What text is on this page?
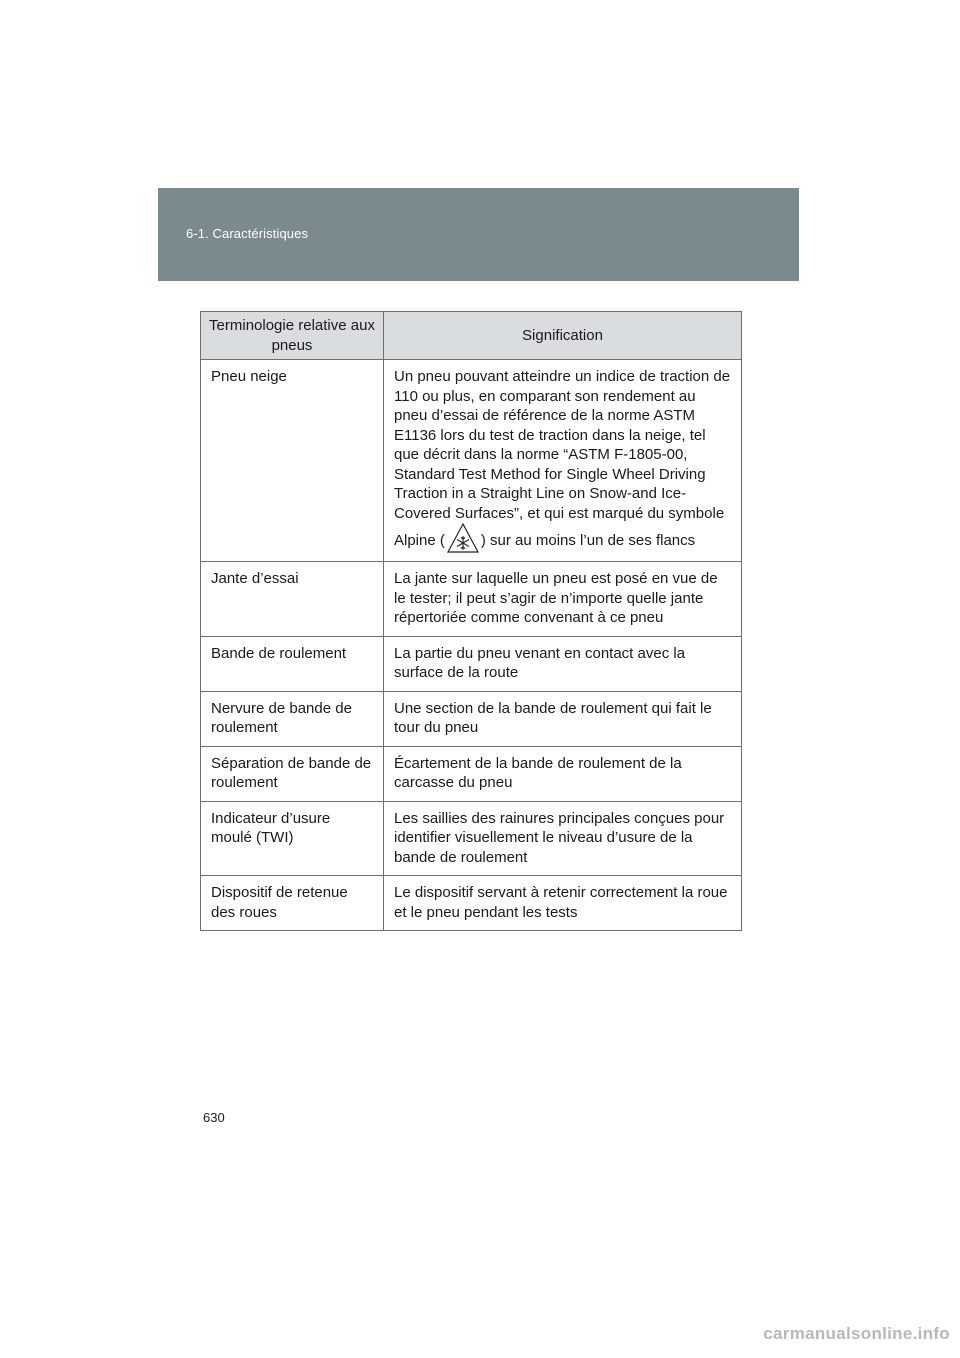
6-1. Caractéristiques
Terminologie relative aux pneus	Signification
Pneu neige	Un pneu pouvant atteindre un indice de traction de 110 ou plus, en comparant son rendement au pneu d’essai de référence de la norme ASTM E1136 lors du test de traction dans la neige, tel que décrit dans la norme “ASTM F-1805-00, Standard Test Method for Single Wheel Driving Traction in a Straight Line on Snow-and Ice-Covered Surfaces”, et qui est marqué du symbole Alpine ( ) sur au moins l’un de ses flancs
Jante d’essai	La jante sur laquelle un pneu est posé en vue de le tester; il peut s’agir de n’importe quelle jante répertoriée comme convenant à ce pneu
Bande de roulement	La partie du pneu venant en contact avec la surface de la route
Nervure de bande de roulement	Une section de la bande de roulement qui fait le tour du pneu
Séparation de bande de roulement	Écartement de la bande de roulement de la carcasse du pneu
Indicateur d’usure moulé (TWI)	Les saillies des rainures principales conçues pour identifier visuellement le niveau d’usure de la bande de roulement
Dispositif de retenue des roues	Le dispositif servant à retenir correctement la roue et le pneu pendant les tests
630
carmanualsonline.info
